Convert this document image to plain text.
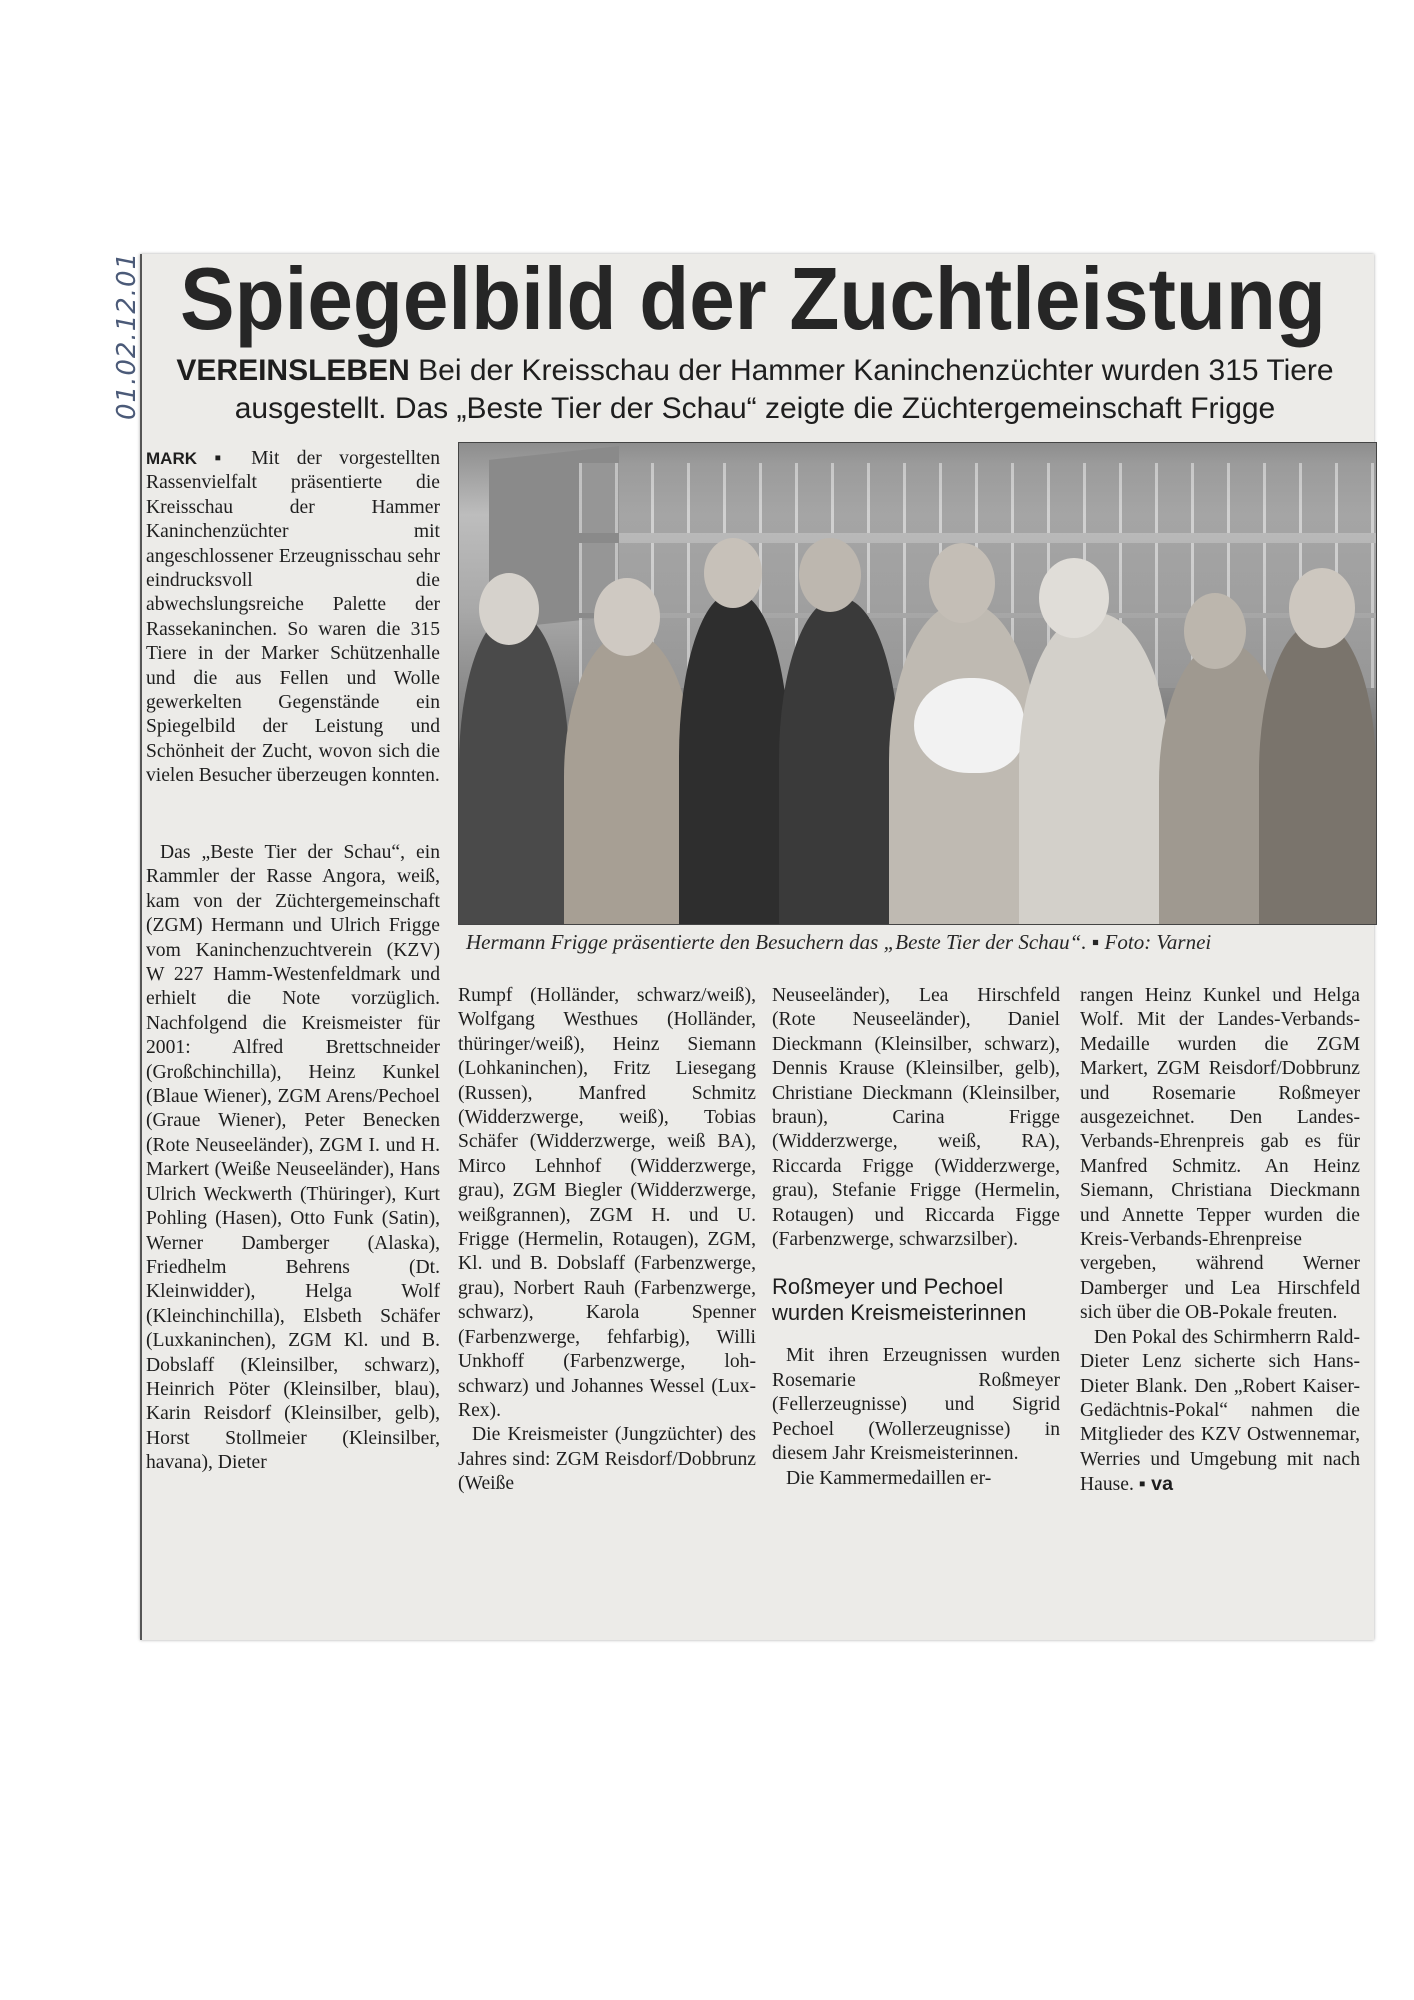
01.02.12.01 Spiegelbild der Zuchtleistung
VEREINSLEBEN Bei der Kreisschau der Hammer Kaninchenzüchter wurden 315 Tiere ausgestellt. Das „Beste Tier der Schau“ zeigte die Züchtergemeinschaft Frigge
Hermann Frigge präsentierte den Besuchern das „Beste Tier der Schau“. ▪ Foto: Varnei

MARK ▪ Mit der vorgestellten Rassenvielfalt präsentierte die Kreisschau der Hammer Kaninchenzüchter mit angeschlossener Erzeugnisschau sehr eindrucksvoll die abwechslungsreiche Palette der Rassekaninchen. So waren die 315 Tiere in der Marker Schützenhalle und die aus Fellen und Wolle gewerkelten Gegenstände ein Spiegelbild der Leistung und Schönheit der Zucht, wovon sich die vielen Besucher überzeugen konnten.

Das „Beste Tier der Schau“, ein Rammler der Rasse Angora, weiß, kam von der Züchtergemeinschaft (ZGM) Hermann und Ulrich Frigge vom Kaninchenzuchtverein (KZV) W 227 Hamm-Westenfeldmark und erhielt die Note vorzüglich. Nachfolgend die Kreismeister für 2001: Alfred Brettschneider (Großchinchilla), Heinz Kunkel (Blaue Wiener), ZGM Arens/Pechoel (Graue Wiener), Peter Benecken (Rote Neuseeländer), ZGM I. und H. Markert (Weiße Neuseeländer), Hans Ulrich Weckwerth (Thüringer), Kurt Pohling (Hasen), Otto Funk (Satin), Werner Damberger (Alaska), Friedhelm Behrens (Dt. Kleinwidder), Helga Wolf (Kleinchinchilla), Elsbeth Schäfer (Luxkaninchen), ZGM Kl. und B. Dobslaff (Kleinsilber, schwarz), Heinrich Pöter (Kleinsilber, blau), Karin Reisdorf (Kleinsilber, gelb), Horst Stollmeier (Kleinsilber, havana), Dieter

Rumpf (Holländer, schwarz/weiß), Wolfgang Westhues (Holländer, thüringer/weiß), Heinz Siemann (Lohkaninchen), Fritz Liesegang (Russen), Manfred Schmitz (Widderzwerge, weiß), Tobias Schäfer (Widderzwerge, weiß BA), Mirco Lehnhof (Widderzwerge, grau), ZGM Biegler (Widderzwerge, weißgrannen), ZGM H. und U. Frigge (Hermelin, Rotaugen), ZGM, Kl. und B. Dobslaff (Farbenzwerge, grau), Norbert Rauh (Farbenzwerge, schwarz), Karola Spenner (Farbenzwerge, fehfarbig), Willi Unkhoff (Farbenzwerge, loh-schwarz) und Johannes Wessel (Lux-Rex).

Die Kreismeister (Jungzüchter) des Jahres sind: ZGM Reisdorf/Dobbrunz (Weiße

Neuseeländer), Lea Hirschfeld (Rote Neuseeländer), Daniel Dieckmann (Kleinsilber, schwarz), Dennis Krause (Kleinsilber, gelb), Christiane Dieckmann (Kleinsilber, braun), Carina Frigge (Widderzwerge, weiß, RA), Riccarda Frigge (Widderzwerge, grau), Stefanie Frigge (Hermelin, Rotaugen) und Riccarda Figge (Farbenzwerge, schwarzsilber).

Roßmeyer und Pechoel wurden Kreismeisterinnen

Mit ihren Erzeugnissen wurden Rosemarie Roßmeyer (Fellerzeugnisse) und Sigrid Pechoel (Wollerzeugnisse) in diesem Jahr Kreismeisterinnen.

Die Kammermedaillen er-

rangen Heinz Kunkel und Helga Wolf. Mit der Landes-Verbands-Medaille wurden die ZGM Markert, ZGM Reisdorf/Dobbrunz und Rosemarie Roßmeyer ausgezeichnet. Den Landes-Verbands-Ehrenpreis gab es für Manfred Schmitz. An Heinz Siemann, Christiana Dieckmann und Annette Tepper wurden die Kreis-Verbands-Ehrenpreise vergeben, während Werner Damberger und Lea Hirschfeld sich über die OB-Pokale freuten.

Den Pokal des Schirmherrn Rald-Dieter Lenz sicherte sich Hans-Dieter Blank. Den „Robert Kaiser-Gedächtnis-Pokal“ nahmen die Mitglieder des KZV Ostwennemar, Werries und Umgebung mit nach Hause. ▪ va
